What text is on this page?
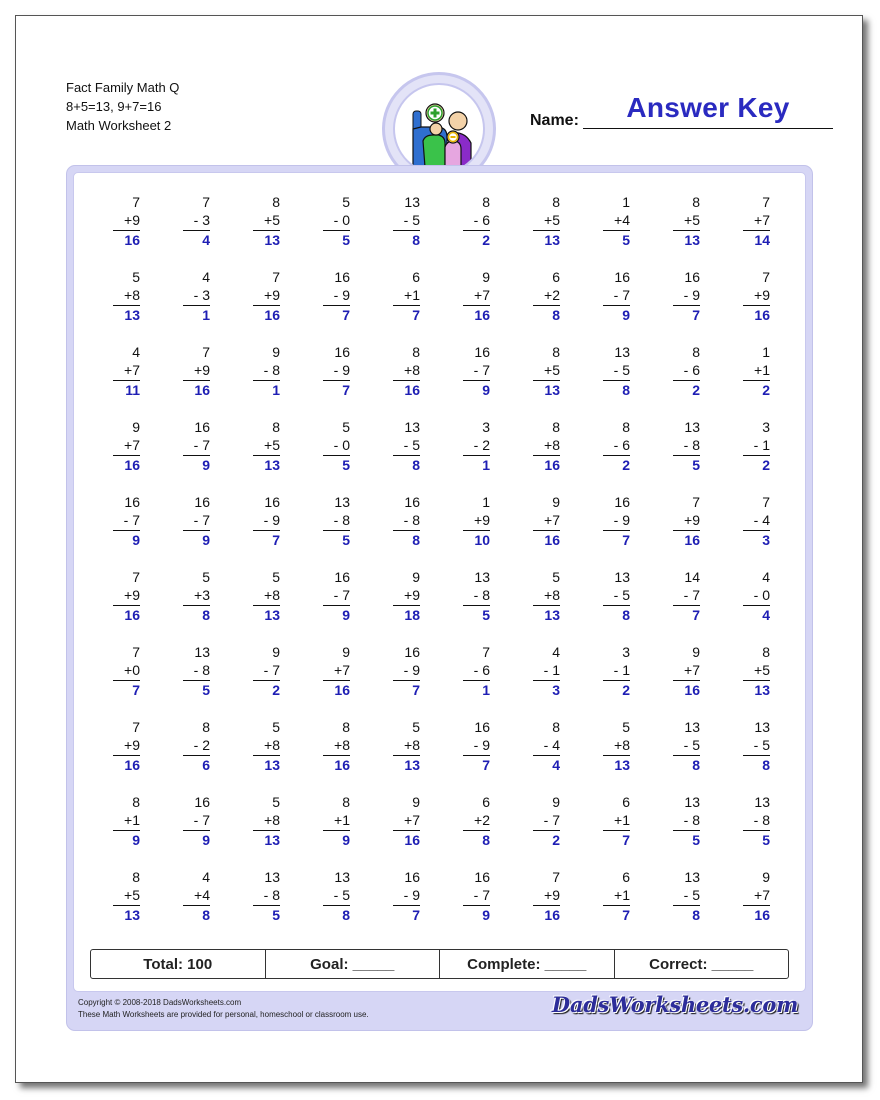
Fact Family Math Q
8+5=13, 9+7=16
Math Worksheet 2
Answer Key
Name:
7
+9
16
7
- 3
4
8
+5
13
5
- 0
5
13
- 5
8
8
- 6
2
8
+5
13
1
+4
5
8
+5
13
7
+7
14
5
+8
13
4
- 3
1
7
+9
16
16
- 9
7
6
+1
7
9
+7
16
6
+2
8
16
- 7
9
16
- 9
7
7
+9
16
4
+7
11
7
+9
16
9
- 8
1
16
- 9
7
8
+8
16
16
- 7
9
8
+5
13
13
- 5
8
8
- 6
2
1
+1
2
9
+7
16
16
- 7
9
8
+5
13
5
- 0
5
13
- 5
8
3
- 2
1
8
+8
16
8
- 6
2
13
- 8
5
3
- 1
2
16
- 7
9
16
- 7
9
16
- 9
7
13
- 8
5
16
- 8
8
1
+9
10
9
+7
16
16
- 9
7
7
+9
16
7
- 4
3
7
+9
16
5
+3
8
5
+8
13
16
- 7
9
9
+9
18
13
- 8
5
5
+8
13
13
- 5
8
14
- 7
7
4
- 0
4
7
+0
7
13
- 8
5
9
- 7
2
9
+7
16
16
- 9
7
7
- 6
1
4
- 1
3
3
- 1
2
9
+7
16
8
+5
13
7
+9
16
8
- 2
6
5
+8
13
8
+8
16
5
+8
13
16
- 9
7
8
- 4
4
5
+8
13
13
- 5
8
13
- 5
8
8
+1
9
16
- 7
9
5
+8
13
8
+1
9
9
+7
16
6
+2
8
9
- 7
2
6
+1
7
13
- 8
5
13
- 8
5
8
+5
13
4
+4
8
13
- 8
5
13
- 5
8
16
- 9
7
16
- 7
9
7
+9
16
6
+1
7
13
- 5
8
9
+7
16
Total: 100	Goal: _____	Complete: _____	Correct: _____
Copyright © 2008-2018 DadsWorksheets.com
These Math Worksheets are provided for personal, homeschool or classroom use.	DadsWorksheets.com
